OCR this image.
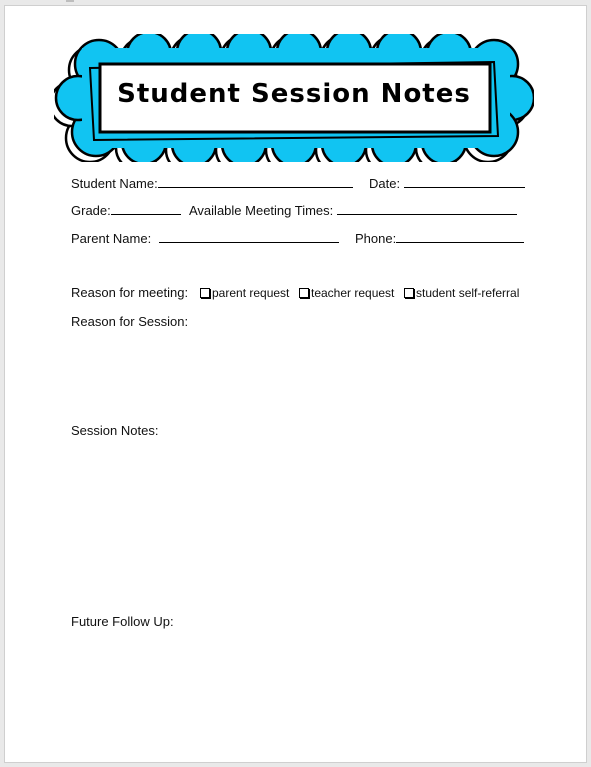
Student Session Notes
Student Name:	Date:
Grade:	Available Meeting Times:
Parent Name:	Phone:
Reason for meeting:	parent request	teacher request	student self-referral
Reason for Session:
Session Notes:
Future Follow Up:
